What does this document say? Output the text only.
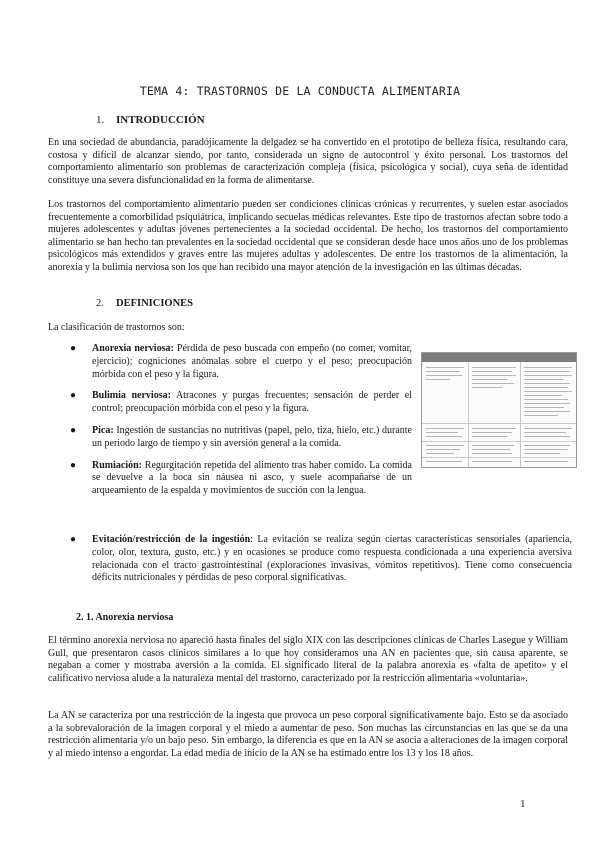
TEMA 4: TRASTORNOS DE LA CONDUCTA ALIMENTARIA
1. INTRODUCCIÓN
En una sociedad de abundancia, paradójicamente la delgadez se ha convertido en el prototipo de belleza física, resultando cara, costosa y difícil de alcanzar siendo, por tanto, considerada un signo de autocontrol y éxito personal. Los trastornos del comportamiento alimentario son problemas de caracterización compleja (física, psicológica y social), cuya seña de identidad constituye una severa disfuncionalidad en la forma de alimentarse.
Los trastornos del comportamiento alimentario pueden ser condiciones clínicas crónicas y recurrentes, y suelen estar asociados frecuentemente a comorbilidad psiquiátrica, implicando secuelas médicas relevantes. Este tipo de trastornos afectan sobre todo a mujeres adolescentes y adultas jóvenes pertenecientes a la sociedad occidental. De hecho, los trastornos del comportamiento alimentario se han hecho tan prevalentes en la sociedad occidental que se consideran desde hace unos años uno de los problemas psicológicos más extendidos y graves entre las mujeres adultas y adolescentes. De entre los trastornos de la alimentación, la anorexia y la bulimia nerviosa son los que han recibido una mayor atención de la investigación en las últimas décadas.
2. DEFINICIONES
La clasificación de trastornos son:
● Anorexia nerviosa: Pérdida de peso buscada con empeño (no comer, vomitar, ejercicio); cogniciones anómalas sobre el cuerpo y el peso; preocupación mórbida con el peso y la figura.
● Bulimia nerviosa: Atracones y purgas frecuentes; sensación de perder el control; preocupación mórbida con el peso y la figura.
● Pica: Ingestión de sustancias no nutritivas (papel, pelo, tiza, hielo, etc.) durante un periodo largo de tiempo y sin aversión general a la comida.
● Rumiación: Regurgitación repetida del alimento tras haber comido. La comida se devuelve a la boca sin náusea ni asco, y suele acompañarse de un arqueamiento de la espalda y movimientos de succión con la lengua.
●	Evitación/restricción de la ingestión: La evitación se realiza según ciertas características sensoriales (apariencia, color, olor, textura, gusto, etc.) y en ocasiones se produce como respuesta condicionada a una experiencia aversiva relacionada con el tracto gastrointestinal (exploraciones invasivas, vómitos repetitivos). Tiene como consecuencia déficits nutricionales y pérdidas de peso corporal significativas.
2. 1. Anorexia nerviosa
El término anorexia nerviosa no apareció hasta finales del siglo XIX con las descripciones clínicas de Charles Lasegue y William Gull, que presentaron casos clínicos similares a lo que hoy consideramos una AN en pacientes que, sin causa aparente, se negaban a comer y mostraba aversión a la comida. El significado literal de la palabra anorexia es «falta de apetito» y el calificativo nerviosa alude a la naturaleza mental del trastorno, caracterizado por la restricción alimentaria «voluntaria».
La AN se caracteriza por una restricción de la ingesta que provoca un peso corporal significativamente bajo. Esto se da asociado a la sobrevaloración de la imagen corporal y el miedo a aumentar de peso. Son muchas las circunstancias en las que se da una restricción alimentaria y/o un bajo peso. Sin embargo, la diferencia es que en la AN se asocia a alteraciones de la imagen corporal y al miedo intenso a engordar. La edad media de inicio de la AN se ha estimado entre los 13 y los 18 años.
1
